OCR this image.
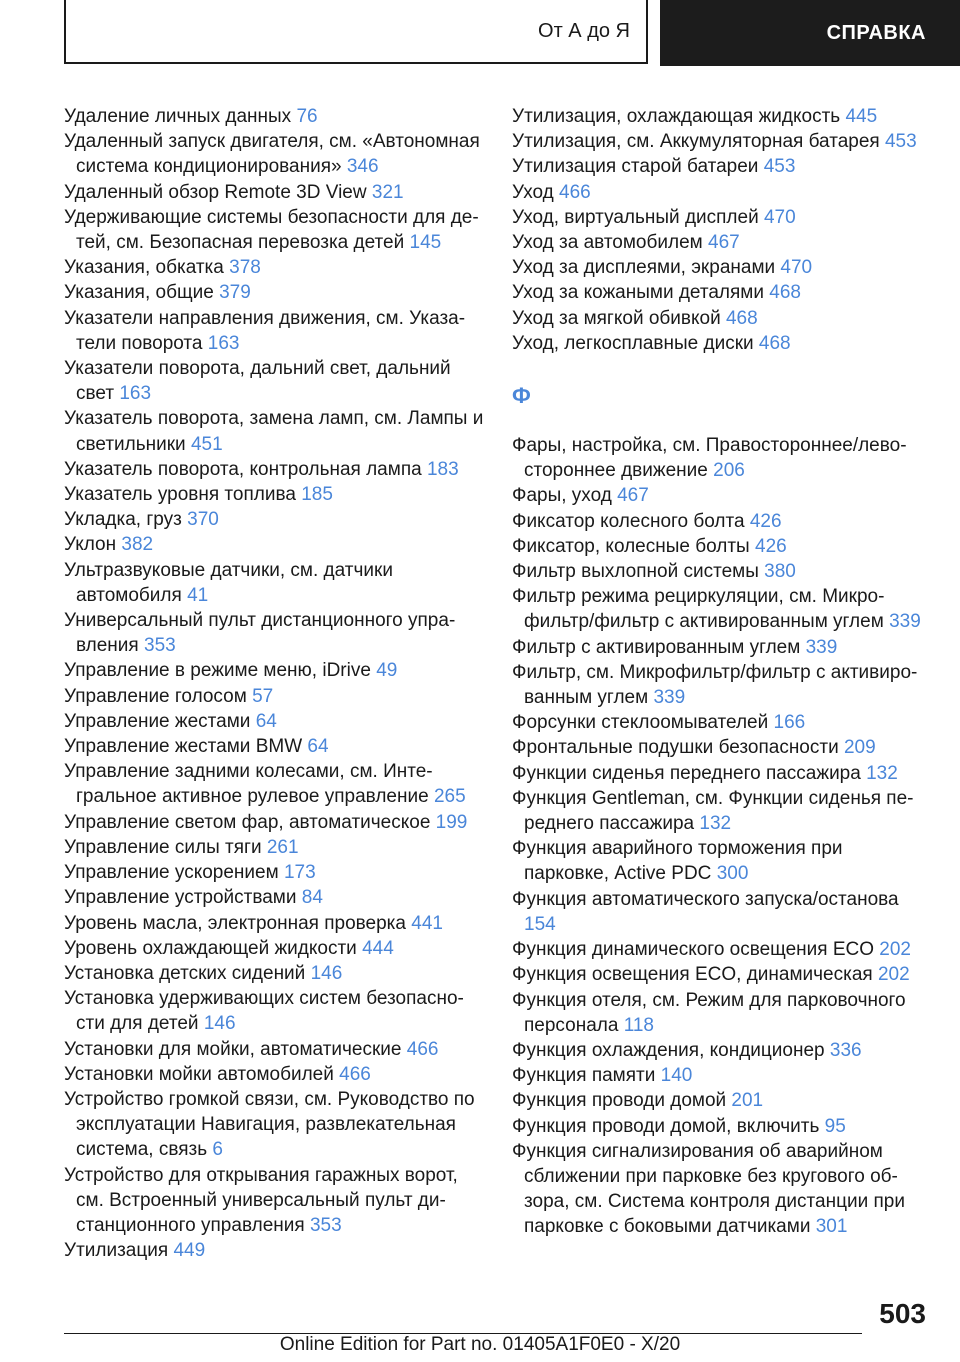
От А до Я	СПРАВКА

Удаление личных данных 76

Удаленный запуск двигателя, см. «Автономная система кондиционирования» 346

Удаленный обзор Remote 3D View 321

Удерживающие системы безопасности для детей, см. Безопасная перевозка детей 145

Указания, обкатка 378

Указания, общие 379

Указатели направления движения, см. Указатели поворота 163

Указатели поворота, дальний свет, дальний свет 163

Указатель поворота, замена ламп, см. Лампы и светильники 451

Указатель поворота, контрольная лампа 183

Указатель уровня топлива 185

Укладка, груз 370

Уклон 382

Ультразвуковые датчики, см. датчики автомобиля 41

Универсальный пульт дистанционного управления 353

Управление в режиме меню, iDrive 49

Управление голосом 57

Управление жестами 64

Управление жестами BMW 64

Управление задними колесами, см. Интегральное активное рулевое управление 265

Управление светом фар, автоматическое 199

Управление силы тяги 261

Управление ускорением 173

Управление устройствами 84

Уровень масла, электронная проверка 441

Уровень охлаждающей жидкости 444

Установка детских сидений 146

Установка удерживающих систем безопасности для детей 146

Установки для мойки, автоматические 466

Установки мойки автомобилей 466

Устройство громкой связи, см. Руководство по эксплуатации Навигация, развлекательная система, связь 6

Устройство для открывания гаражных ворот, см. Встроенный универсальный пульт дистанционного управления 353

Утилизация 449

Утилизация, охлаждающая жидкость 445

Утилизация, см. Аккумуляторная батарея 453

Утилизация старой батареи 453

Уход 466

Уход, виртуальный дисплей 470

Уход за автомобилем 467

Уход за дисплеями, экранами 470

Уход за кожаными деталями 468

Уход за мягкой обивкой 468

Уход, легкосплавные диски 468

Ф

Фары, настройка, см. Правостороннее/левостороннее движение 206

Фары, уход 467

Фиксатор колесного болта 426

Фиксатор, колесные болты 426

Фильтр выхлопной системы 380

Фильтр режима рециркуляции, см. Микрофильтр/фильтр с активированным углем 339

Фильтр с активированным углем 339

Фильтр, см. Микрофильтр/фильтр с активированным углем 339

Форсунки стеклоомывателей 166

Фронтальные подушки безопасности 209

Функции сиденья переднего пассажира 132

Функция Gentleman, см. Функции сиденья переднего пассажира 132

Функция аварийного торможения при парковке, Active PDC 300

Функция автоматического запуска/останова 154

Функция динамического освещения ECO 202

Функция освещения ECO, динамическая 202

Функция отеля, см. Режим для парковочного персонала 118

Функция охлаждения, кондиционер 336

Функция памяти 140

Функция проводи домой 201

Функция проводи домой, включить 95

Функция сигнализирования об аварийном сближении при парковке без кругового обзора, см. Система контроля дистанции при парковке с боковыми датчиками 301

503
Online Edition for Part no. 01405A1F0E0 - X/20
